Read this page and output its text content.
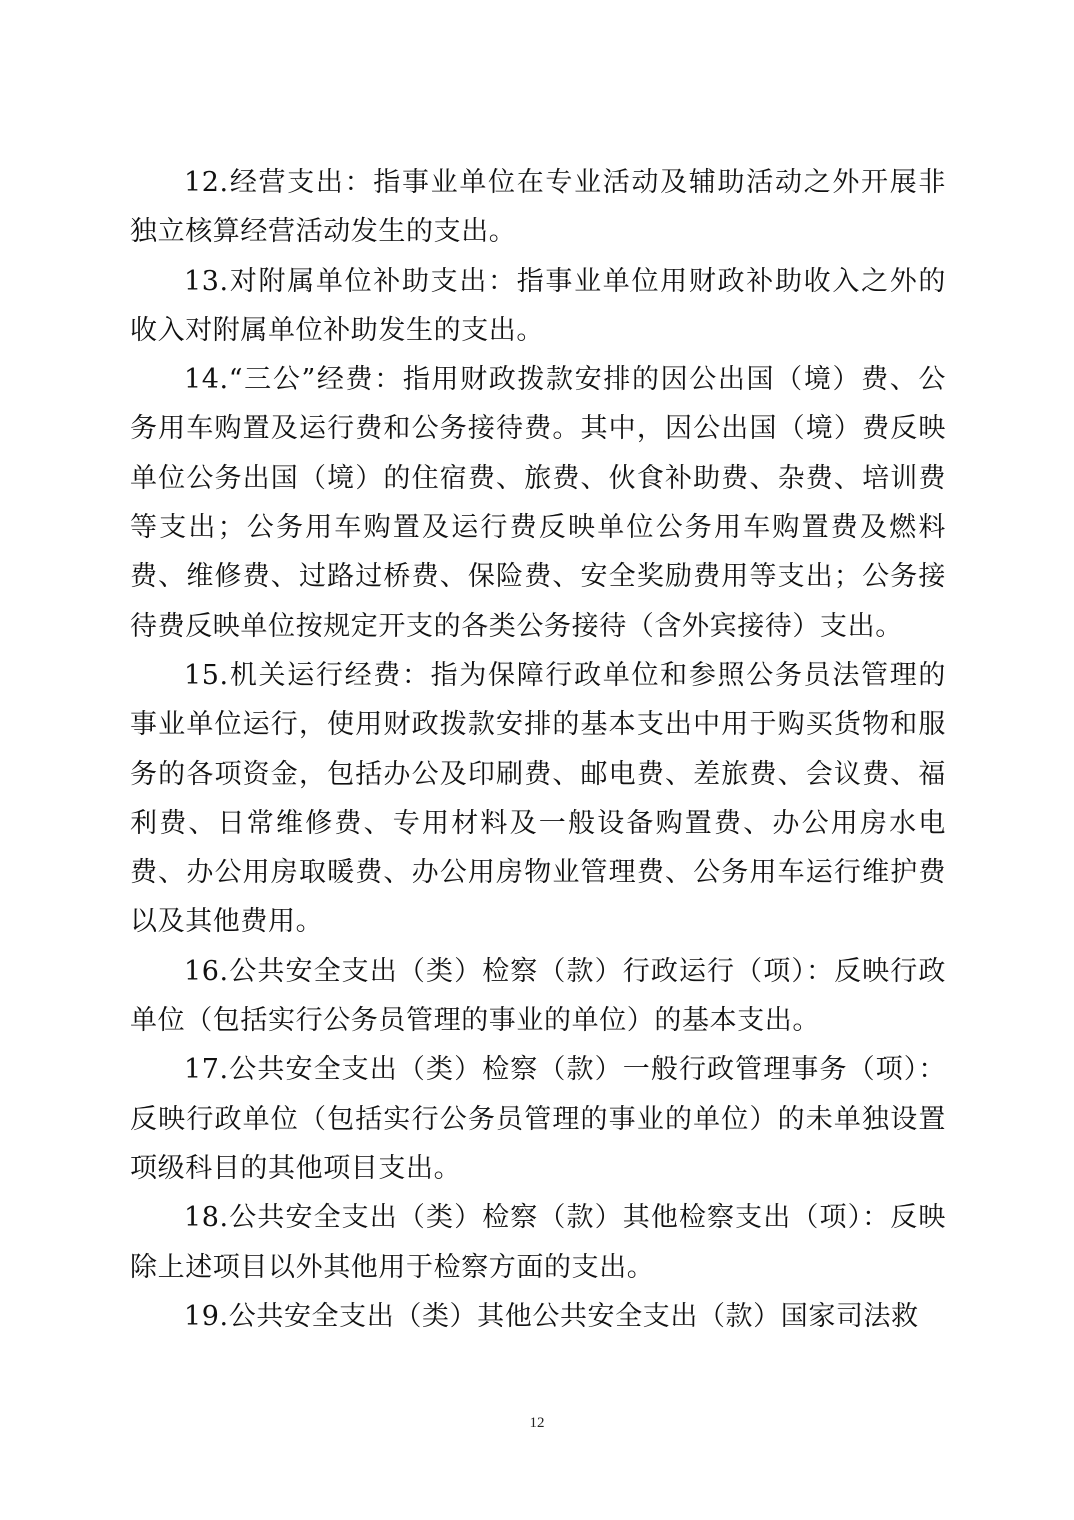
12.经营支出：指事业单位在专业活动及辅助活动之外开展非独立核算经营活动发生的支出。

13.对附属单位补助支出：指事业单位用财政补助收入之外的收入对附属单位补助发生的支出。

14.“三公”经费：指用财政拨款安排的因公出国（境）费、公务用车购置及运行费和公务接待费。其中，因公出国（境）费反映单位公务出国（境）的住宿费、旅费、伙食补助费、杂费、培训费等支出；公务用车购置及运行费反映单位公务用车购置费及燃料费、维修费、过路过桥费、保险费、安全奖励费用等支出；公务接待费反映单位按规定开支的各类公务接待（含外宾接待）支出。

15.机关运行经费：指为保障行政单位和参照公务员法管理的事业单位运行，使用财政拨款安排的基本支出中用于购买货物和服务的各项资金，包括办公及印刷费、邮电费、差旅费、会议费、福利费、日常维修费、专用材料及一般设备购置费、办公用房水电费、办公用房取暖费、办公用房物业管理费、公务用车运行维护费以及其他费用。

16.公共安全支出（类）检察（款）行政运行（项）：反映行政单位（包括实行公务员管理的事业的单位）的基本支出。

17.公共安全支出（类）检察（款）一般行政管理事务（项）：反映行政单位（包括实行公务员管理的事业的单位）的未单独设置项级科目的其他项目支出。

18.公共安全支出（类）检察（款）其他检察支出（项）：反映除上述项目以外其他用于检察方面的支出。

19.公共安全支出（类）其他公共安全支出（款）国家司法救

12
